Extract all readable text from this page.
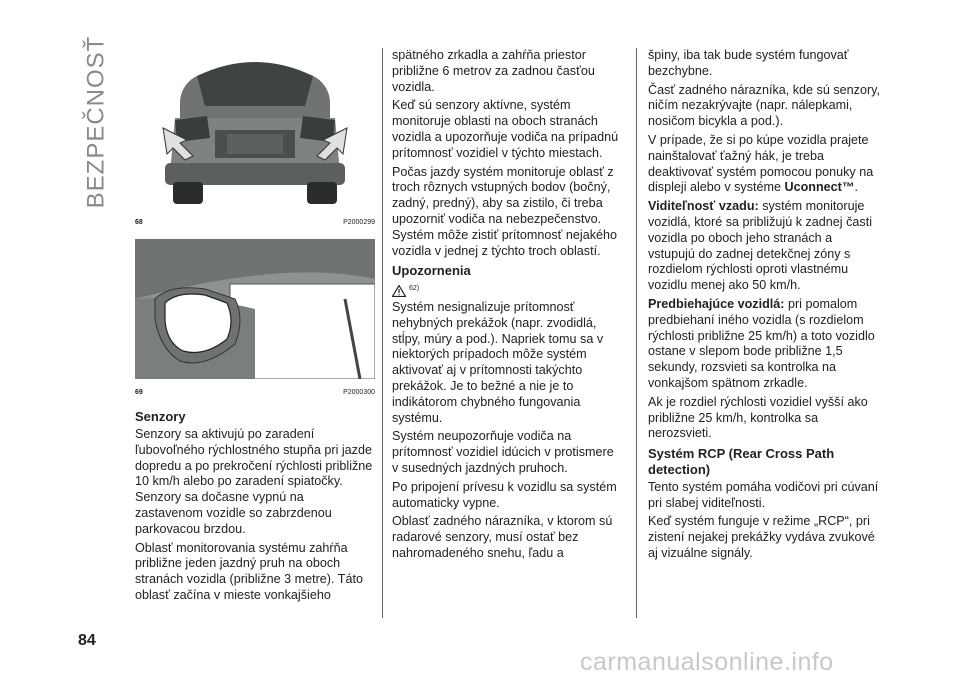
BEZPEČNOSŤ
68	P2000299
69	P2000300
Senzory

Senzory sa aktivujú po zaradení ľubovoľného rýchlostného stupňa pri jazde dopredu a po prekročení rýchlosti približne 10 km/h alebo po zaradení spiatočky. Senzory sa dočasne vypnú na zastavenom vozidle so zabrzdenou parkovacou brzdou.

Oblasť monitorovania systému zahŕňa približne jeden jazdný pruh na oboch stranách vozidla (približne 3 metre). Táto oblasť začína v mieste vonkajšieho

spätného zrkadla a zahŕňa priestor približne 6 metrov za zadnou časťou vozidla.

Keď sú senzory aktívne, systém monitoruje oblasti na oboch stranách vozidla a upozorňuje vodiča na prípadnú prítomnosť vozidiel v týchto miestach.

Počas jazdy systém monitoruje oblasť z troch rôznych vstupných bodov (bočný, zadný, predný), aby sa zistilo, či treba upozorniť vodiča na nebezpečenstvo. Systém môže zistiť prítomnosť nejakého vozidla v jednej z týchto troch oblastí.

Upozornenia
62)

Systém nesignalizuje prítomnosť nehybných prekážok (napr. zvodidlá, stĺpy, múry a pod.). Napriek tomu sa v niektorých prípadoch môže systém aktivovať aj v prítomnosti takýchto prekážok. Je to bežné a nie je to indikátorom chybného fungovania systému.

Systém neupozorňuje vodiča na prítomnosť vozidiel idúcich v protismere v susedných jazdných pruhoch.

Po pripojení prívesu k vozidlu sa systém automaticky vypne.

Oblasť zadného nárazníka, v ktorom sú radarové senzory, musí ostať bez nahromadeného snehu, ľadu a

špiny, iba tak bude systém fungovať bezchybne.

Časť zadného nárazníka, kde sú senzory, ničím nezakrývajte (napr. nálepkami, nosičom bicykla a pod.).

V prípade, že si po kúpe vozidla prajete nainštalovať ťažný hák, je treba deaktivovať systém pomocou ponuky na displeji alebo v systéme Uconnect™.

Viditeľnosť vzadu: systém monitoruje vozidlá, ktoré sa približujú k zadnej časti vozidla po oboch jeho stranách a vstupujú do zadnej detekčnej zóny s rozdielom rýchlosti oproti vlastnému vozidlu menej ako 50 km/h.

Predbiehajúce vozidlá: pri pomalom predbiehaní iného vozidla (s rozdielom rýchlosti približne 25 km/h) a toto vozidlo ostane v slepom bode približne 1,5 sekundy, rozsvieti sa kontrolka na vonkajšom spätnom zrkadle.

Ak je rozdiel rýchlosti vozidiel vyšší ako približne 25 km/h, kontrolka sa nerozsvieti.

Systém RCP (Rear Cross Path detection)

Tento systém pomáha vodičovi pri cúvaní pri slabej viditeľnosti.

Keď systém funguje v režime „RCP“, pri zistení nejakej prekážky vydáva zvukové aj vizuálne signály.

84
carmanualsonline.info
